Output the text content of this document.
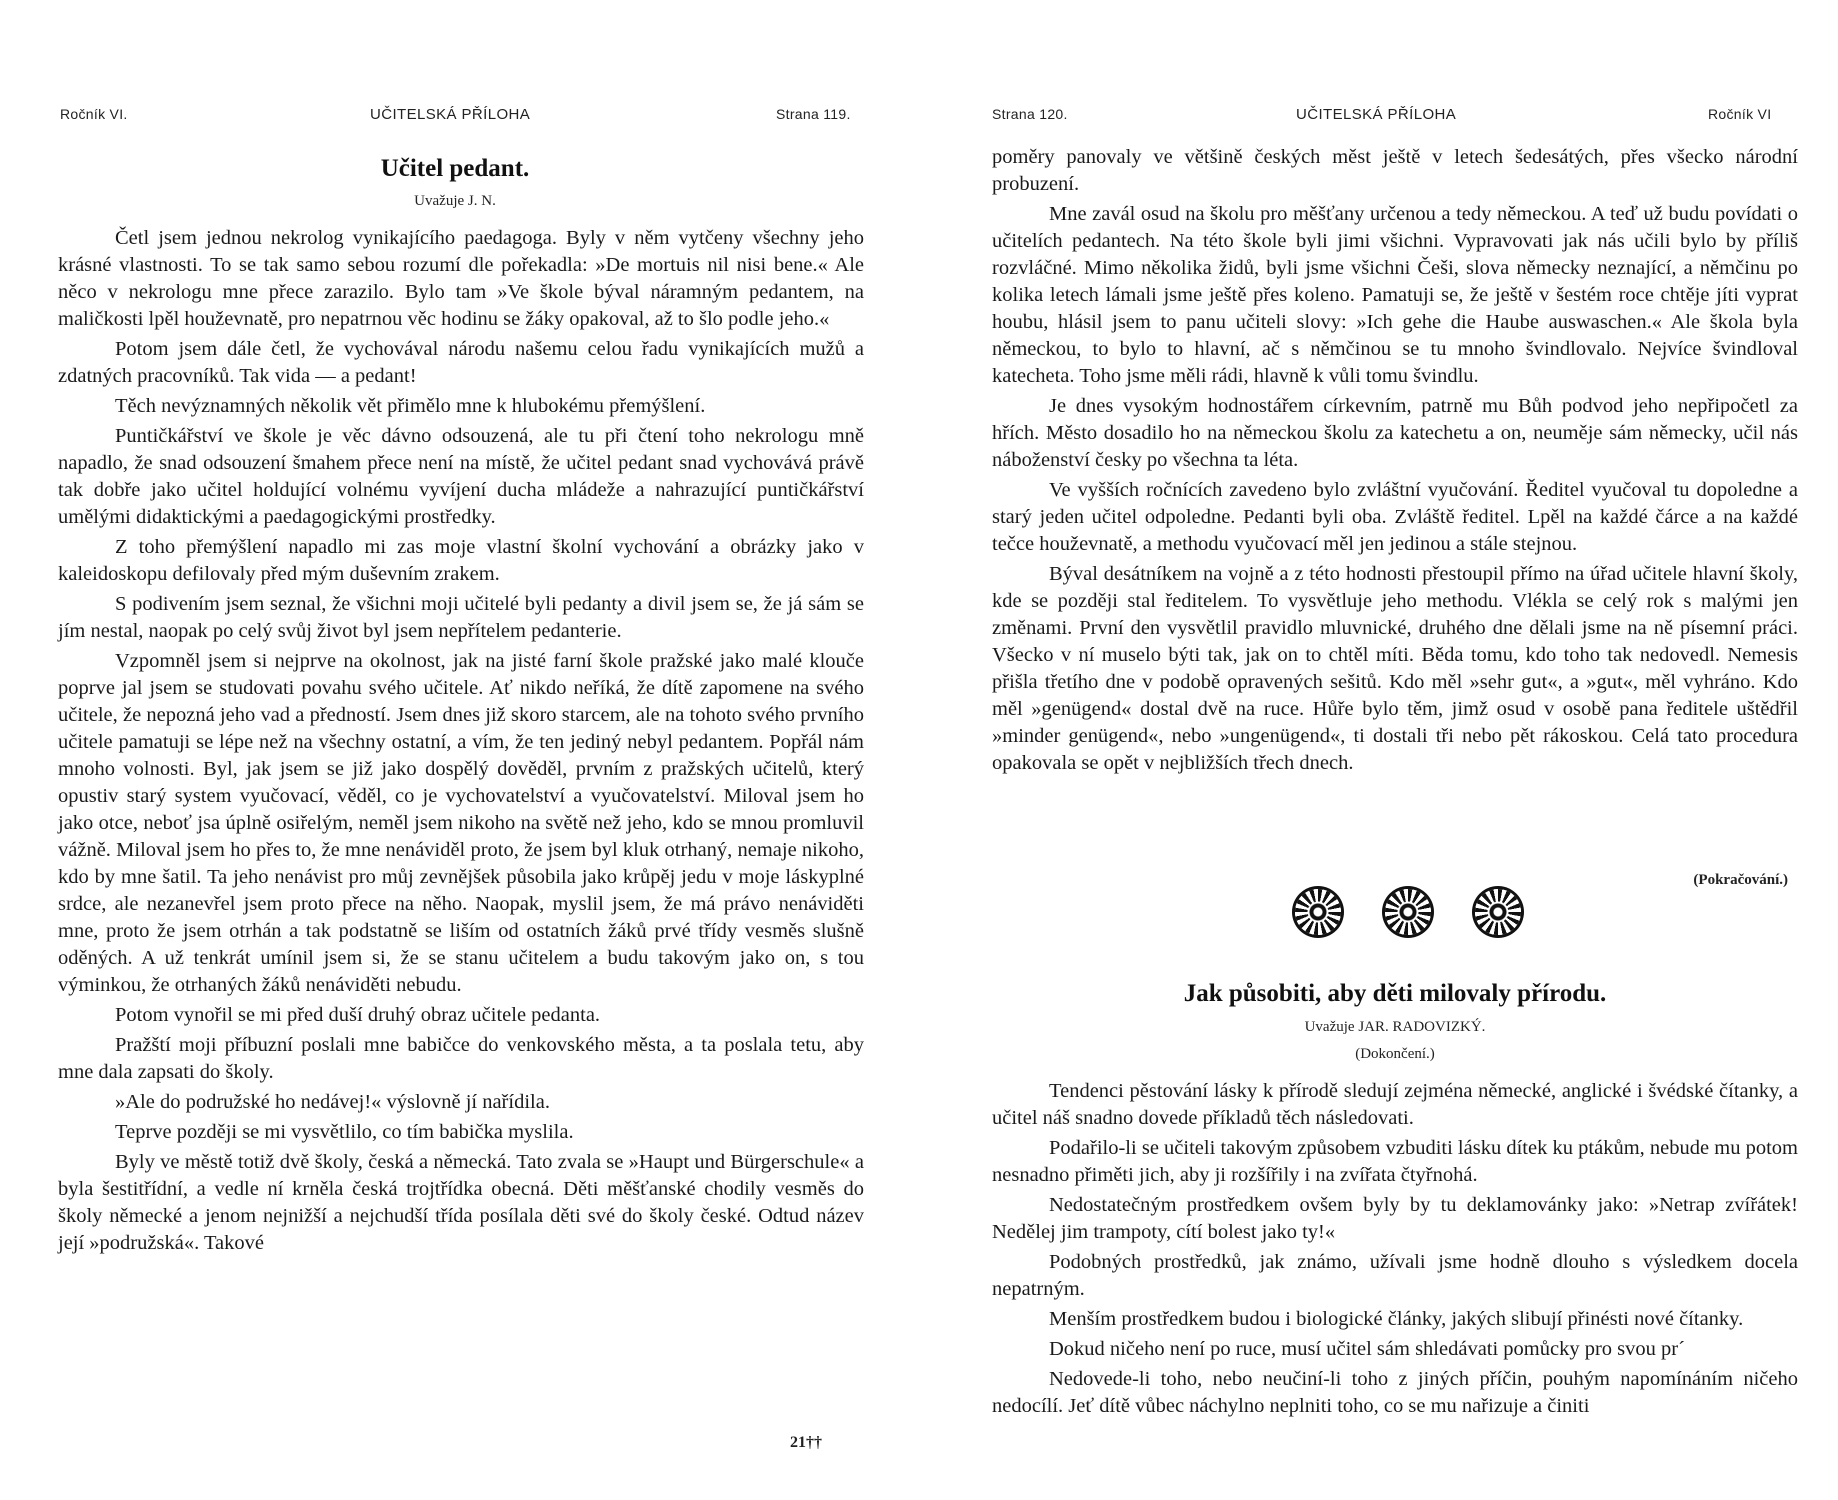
Ročník VI.	UČITELSKÁ PŘÍLOHA	Strana 119.
Učitel pedant.
Uvažuje J. N.

Četl jsem jednou nekrolog vynikajícího paedagoga. Byly v něm vytčeny všechny jeho krásné vlastnosti. To se tak samo sebou rozumí dle pořekadla: »De mortuis nil nisi bene.« Ale něco v nekrologu mne přece zarazilo. Bylo tam »Ve škole býval náramným pedantem, na maličkosti lpěl houževnatě, pro nepatrnou věc hodinu se žáky opakoval, až to šlo podle jeho.«

Potom jsem dále četl, že vychovával národu našemu celou řadu vynikajících mužů a zdatných pracovníků. Tak vida — a pedant!

Těch nevýznamných několik vět přimělo mne k hlubokému přemýšlení.

Puntičkářství ve škole je věc dávno odsouzená, ale tu při čtení toho nekrologu mně napadlo, že snad odsouzení šmahem přece není na místě, že učitel pedant snad vychovává právě tak dobře jako učitel holdující volnému vyvíjení ducha mládeže a nahrazující puntičkářství umělými didaktickými a paedagogickými prostředky.

Z toho přemýšlení napadlo mi zas moje vlastní školní vychování a obrázky jako v kaleidoskopu defilovaly před mým duševním zrakem.

S podivením jsem seznal, že všichni moji učitelé byli pedanty a divil jsem se, že já sám se jím nestal, naopak po celý svůj život byl jsem nepřítelem pedanterie.

Vzpomněl jsem si nejprve na okolnost, jak na jisté farní škole pražské jako malé klouče poprve jal jsem se studovati povahu svého učitele. Ať nikdo neříká, že dítě zapomene na svého učitele, že nepozná jeho vad a předností. Jsem dnes již skoro starcem, ale na tohoto svého prvního učitele pamatuji se lépe než na všechny ostatní, a vím, že ten jediný nebyl pedantem. Popřál nám mnoho volnosti. Byl, jak jsem se již jako dospělý dověděl, prvním z pražských učitelů, který opustiv starý system vyučovací, věděl, co je vychovatelství a vyučovatelství. Miloval jsem ho jako otce, neboť jsa úplně osiřelým, neměl jsem nikoho na světě než jeho, kdo se mnou promluvil vážně. Miloval jsem ho přes to, že mne nenáviděl proto, že jsem byl kluk otrhaný, nemaje nikoho, kdo by mne šatil. Ta jeho nenávist pro můj zevnějšek působila jako krůpěj jedu v moje láskyplné srdce, ale nezanevřel jsem proto přece na něho. Naopak, myslil jsem, že má právo nenáviděti mne, proto že jsem otrhán a tak podstatně se liším od ostatních žáků prvé třídy vesměs slušně oděných. A už tenkrát umínil jsem si, že se stanu učitelem a budu takovým jako on, s tou výminkou, že otrhaných žáků nenáviděti nebudu.

Potom vynořil se mi před duší druhý obraz učitele pedanta.

Pražští moji příbuzní poslali mne babičce do venkovského města, a ta poslala tetu, aby mne dala zapsati do školy.

»Ale do podružské ho nedávej!« výslovně jí nařídila.

Teprve později se mi vysvětlilo, co tím babička myslila.

Byly ve městě totiž dvě školy, česká a německá. Tato zvala se »Haupt und Bürgerschule« a byla šestitřídní, a vedle ní krněla česká trojtřídka obecná. Děti měšťanské chodily vesměs do školy německé a jenom nejnižší a nejchudší třída posílala děti své do školy české. Odtud název její »podružská«. Takové

21††
Strana 120.	UČITELSKÁ PŘÍLOHA	Ročník VI

poměry panovaly ve většině českých měst ještě v letech šedesátých, přes všecko národní probuzení.

Mne zavál osud na školu pro měšťany určenou a tedy německou. A teď už budu povídati o učitelích pedantech. Na této škole byli jimi všichni. Vypravovati jak nás učili bylo by příliš rozvláčné. Mimo několika židů, byli jsme všichni Češi, slova německy neznající, a němčinu po kolika letech lámali jsme ještě přes koleno. Pamatuji se, že ještě v šestém roce chtěje jíti vyprat houbu, hlásil jsem to panu učiteli slovy: »Ich gehe die Haube auswaschen.« Ale škola byla německou, to bylo to hlavní, ač s němčinou se tu mnoho švindlovalo. Nejvíce švindloval katecheta. Toho jsme měli rádi, hlavně k vůli tomu švindlu.

Je dnes vysokým hodnostářem církevním, patrně mu Bůh podvod jeho nepřipočetl za hřích. Město dosadilo ho na německou školu za katechetu a on, neuměje sám německy, učil nás náboženství česky po všechna ta léta.

Ve vyšších ročnících zavedeno bylo zvláštní vyučování. Ředitel vyučoval tu dopoledne a starý jeden učitel odpoledne. Pedanti byli oba. Zvláště ředitel. Lpěl na každé čárce a na každé tečce houževnatě, a methodu vyučovací měl jen jedinou a stále stejnou.

Býval desátníkem na vojně a z této hodnosti přestoupil přímo na úřad učitele hlavní školy, kde se později stal ředitelem. To vysvětluje jeho methodu. Vlékla se celý rok s malými jen změnami. První den vysvětlil pravidlo mluvnické, druhého dne dělali jsme na ně písemní práci. Všecko v ní muselo býti tak, jak on to chtěl míti. Běda tomu, kdo toho tak nedovedl. Nemesis přišla třetího dne v podobě opravených sešitů. Kdo měl »sehr gut«, a »gut«, měl vyhráno. Kdo měl »genügend« dostal dvě na ruce. Hůře bylo těm, jimž osud v osobě pana ředitele uštědřil »minder genügend«, nebo »ungenügend«, ti dostali tři nebo pět rákoskou. Celá tato procedura opakovala se opět v nejbližších třech dnech.

(Pokračování.)
Jak působiti, aby děti milovaly přírodu.
Uvažuje JAR. RADOVIZKÝ.
(Dokončení.)

Tendenci pěstování lásky k přírodě sledují zejména německé, anglické i švédské čítanky, a učitel náš snadno dovede příkladů těch následovati.

Podařilo-li se učiteli takovým způsobem vzbuditi lásku dítek ku ptákům, nebude mu potom nesnadno přiměti jich, aby ji rozšířily i na zvířata čtyřnohá.

Nedostatečným prostředkem ovšem byly by tu deklamovánky jako: »Netrap zvířátek! Nedělej jim trampoty, cítí bolest jako ty!«

Podobných prostředků, jak známo, užívali jsme hodně dlouho s výsledkem docela nepatrným.

Menším prostředkem budou i biologické články, jakých slibují přinésti nové čítanky.

Dokud ničeho není po ruce, musí učitel sám shledávati pomůcky pro svou pr´

Nedovede-li toho, nebo neučiní-li toho z jiných příčin, pouhým napomínáním ničeho nedocílí. Jeť dítě vůbec náchylno neplniti toho, co se mu nařizuje a činiti
